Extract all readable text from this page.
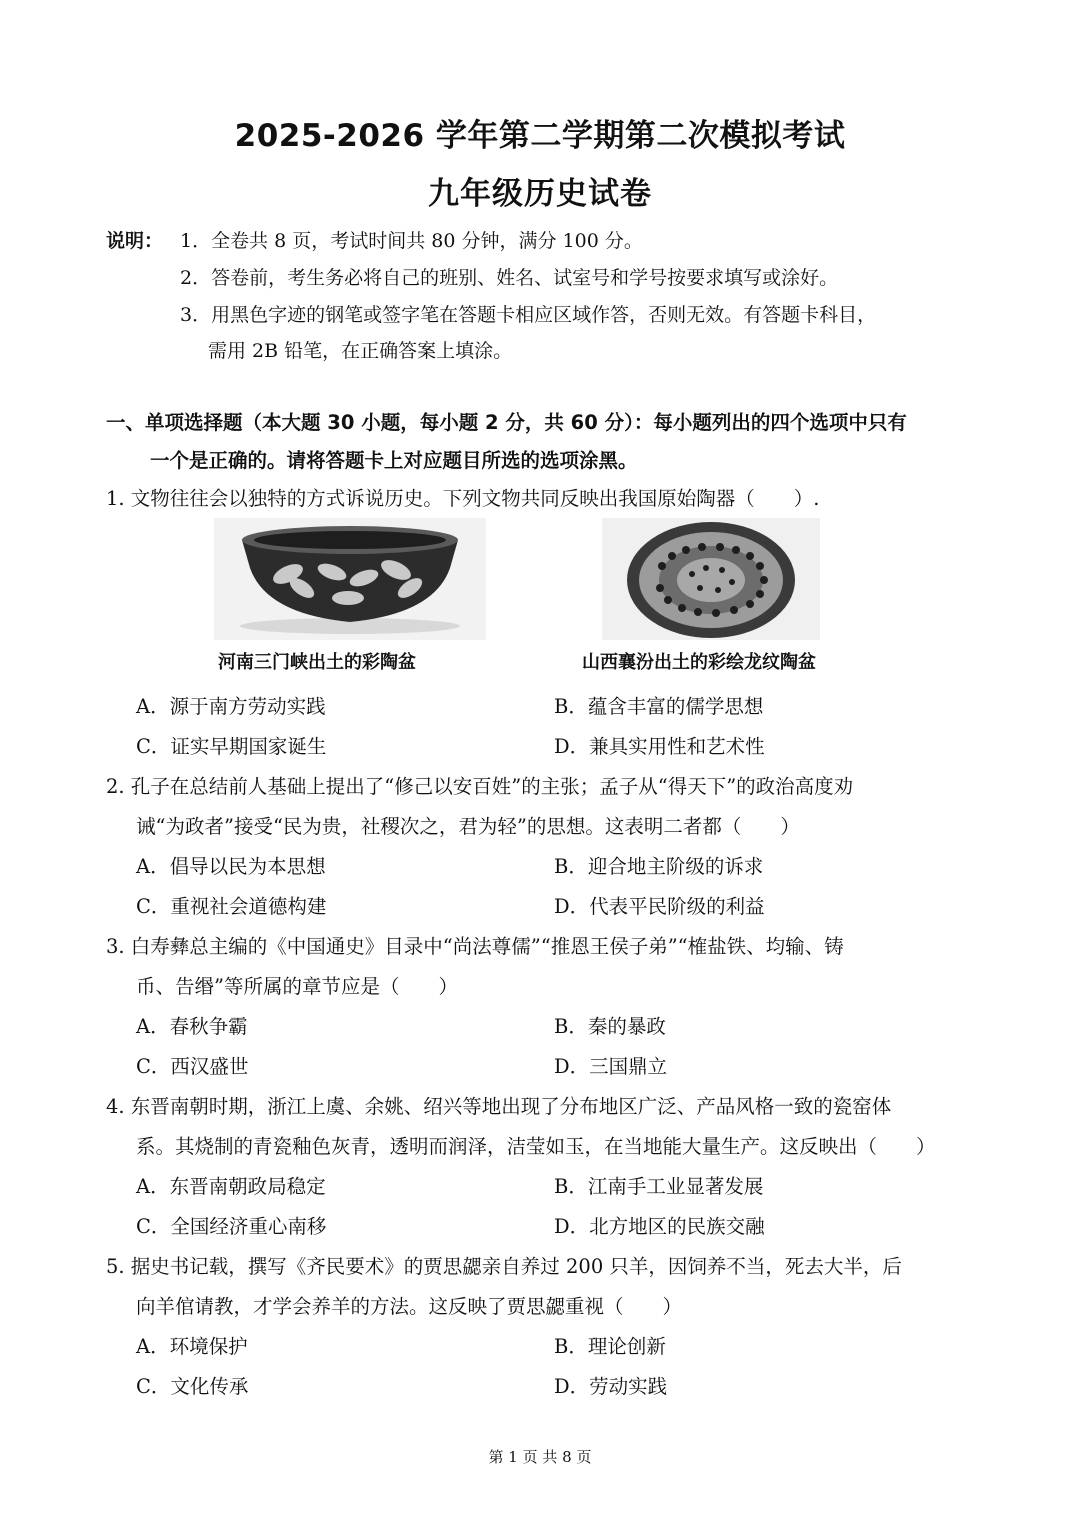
2025-2026 学年第二学期第二次模拟考试
九年级历史试卷
说明： 1．全卷共 8 页，考试时间共 80 分钟，满分 100 分。
2．答卷前，考生务必将自己的班别、姓名、试室号和学号按要求填写或涂好。
3．用黑色字迹的钢笔或签字笔在答题卡相应区域作答，否则无效。有答题卡科目，
需用 2B 铅笔，在正确答案上填涂。
一、单项选择题（本大题 30 小题，每小题 2 分，共 60 分）：每小题列出的四个选项中只有
一个是正确的。请将答题卡上对应题目所选的选项涂黑。
1. 文物往往会以独特的方式诉说历史。下列文物共同反映出我国原始陶器（　　）.
河南三门峡出土的彩陶盆	山西襄汾出土的彩绘龙纹陶盆
A．源于南方劳动实践	B．蕴含丰富的儒学思想
C．证实早期国家诞生	D．兼具实用性和艺术性
2. 孔子在总结前人基础上提出了“修己以安百姓”的主张；孟子从“得天下”的政治高度劝
诫“为政者”接受“民为贵，社稷次之，君为轻”的思想。这表明二者都（　　）
A．倡导以民为本思想	B．迎合地主阶级的诉求
C．重视社会道德构建	D．代表平民阶级的利益
3. 白寿彝总主编的《中国通史》目录中“尚法尊儒”“推恩王侯子弟”“榷盐铁、均输、铸
币、告缗”等所属的章节应是（　　）
A．春秋争霸	B．秦的暴政
C．西汉盛世	D．三国鼎立
4. 东晋南朝时期，浙江上虞、余姚、绍兴等地出现了分布地区广泛、产品风格一致的瓷窑体
系。其烧制的青瓷釉色灰青，透明而润泽，洁莹如玉，在当地能大量生产。这反映出（　　）
A．东晋南朝政局稳定	B．江南手工业显著发展
C．全国经济重心南移	D．北方地区的民族交融
5. 据史书记载，撰写《齐民要术》的贾思勰亲自养过 200 只羊，因饲养不当，死去大半，后
向羊倌请教，才学会养羊的方法。这反映了贾思勰重视（　　）
A．环境保护	B．理论创新
C．文化传承	D．劳动实践
第 1 页 共 8 页
